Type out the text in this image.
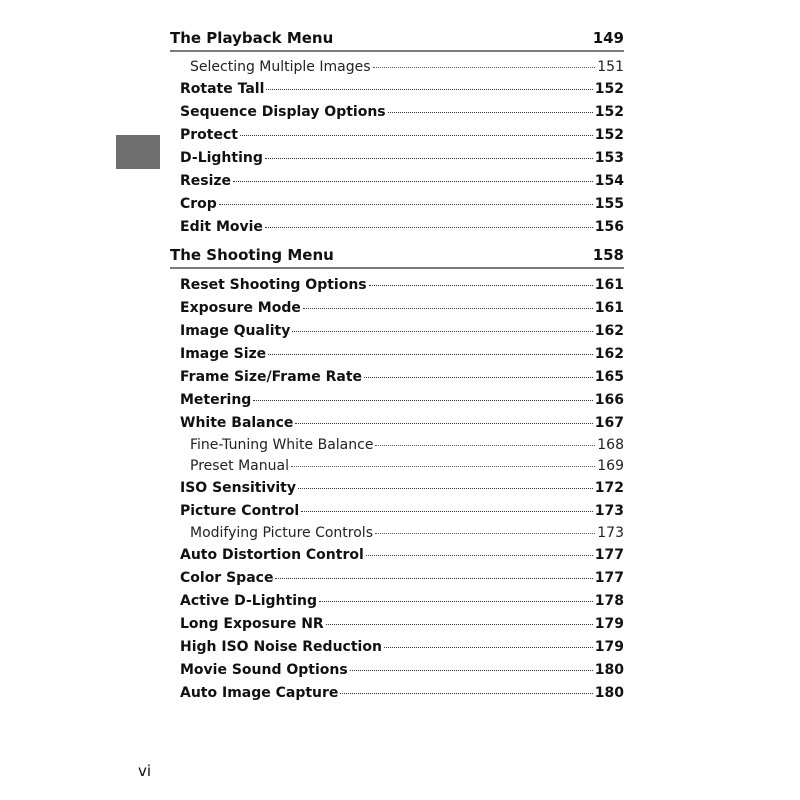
The Playback Menu	149
Selecting Multiple Images	151
Rotate Tall	152
Sequence Display Options	152
Protect	152
D-Lighting	153
Resize	154
Crop	155
Edit Movie	156
The Shooting Menu	158
Reset Shooting Options	161
Exposure Mode	161
Image Quality	162
Image Size	162
Frame Size/Frame Rate	165
Metering	166
White Balance	167
Fine-Tuning White Balance	168
Preset Manual	169
ISO Sensitivity	172
Picture Control	173
Modifying Picture Controls	173
Auto Distortion Control	177
Color Space	177
Active D-Lighting	178
Long Exposure NR	179
High ISO Noise Reduction	179
Movie Sound Options	180
Auto Image Capture	180
vi
